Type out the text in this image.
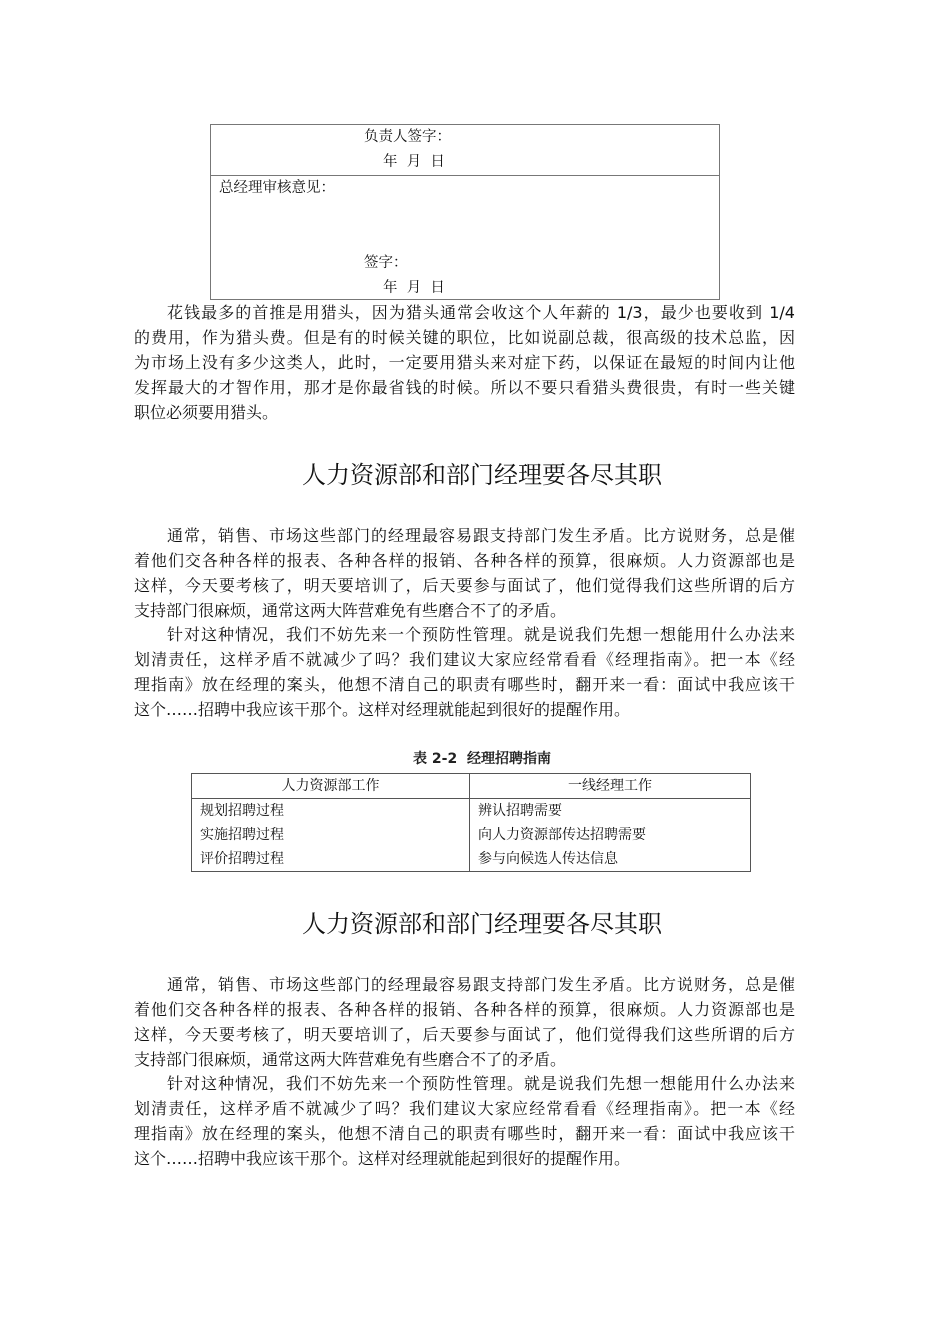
负责人签字：
年  月  日
总经理审核意见：
签字：
年  月  日
花钱最多的首推是用猎头，因为猎头通常会收这个人年薪的 1/3，最少也要收到 1/4
的费用，作为猎头费。但是有的时候关键的职位，比如说副总裁，很高级的技术总监，因
为市场上没有多少这类人，此时，一定要用猎头来对症下药，以保证在最短的时间内让他
发挥最大的才智作用，那才是你最省钱的时候。所以不要只看猎头费很贵，有时一些关键
职位必须要用猎头。
人力资源部和部门经理要各尽其职
通常，销售、市场这些部门的经理最容易跟支持部门发生矛盾。比方说财务，总是催
着他们交各种各样的报表、各种各样的报销、各种各样的预算，很麻烦。人力资源部也是
这样，今天要考核了，明天要培训了，后天要参与面试了，他们觉得我们这些所谓的后方
支持部门很麻烦，通常这两大阵营难免有些磨合不了的矛盾。
针对这种情况，我们不妨先来一个预防性管理。就是说我们先想一想能用什么办法来
划清责任，这样矛盾不就减少了吗？我们建议大家应经常看看《经理指南》。把一本《经
理指南》放在经理的案头，他想不清自己的职责有哪些时，翻开来一看：面试中我应该干
这个……招聘中我应该干那个。这样对经理就能起到很好的提醒作用。
表 2-2  经理招聘指南
人力资源部工作	一线经理工作
规划招聘过程	辨认招聘需要
实施招聘过程	向人力资源部传达招聘需要
评价招聘过程	参与向候选人传达信息
人力资源部和部门经理要各尽其职
通常，销售、市场这些部门的经理最容易跟支持部门发生矛盾。比方说财务，总是催
着他们交各种各样的报表、各种各样的报销、各种各样的预算，很麻烦。人力资源部也是
这样，今天要考核了，明天要培训了，后天要参与面试了，他们觉得我们这些所谓的后方
支持部门很麻烦，通常这两大阵营难免有些磨合不了的矛盾。
针对这种情况，我们不妨先来一个预防性管理。就是说我们先想一想能用什么办法来
划清责任，这样矛盾不就减少了吗？我们建议大家应经常看看《经理指南》。把一本《经
理指南》放在经理的案头，他想不清自己的职责有哪些时，翻开来一看：面试中我应该干
这个……招聘中我应该干那个。这样对经理就能起到很好的提醒作用。
